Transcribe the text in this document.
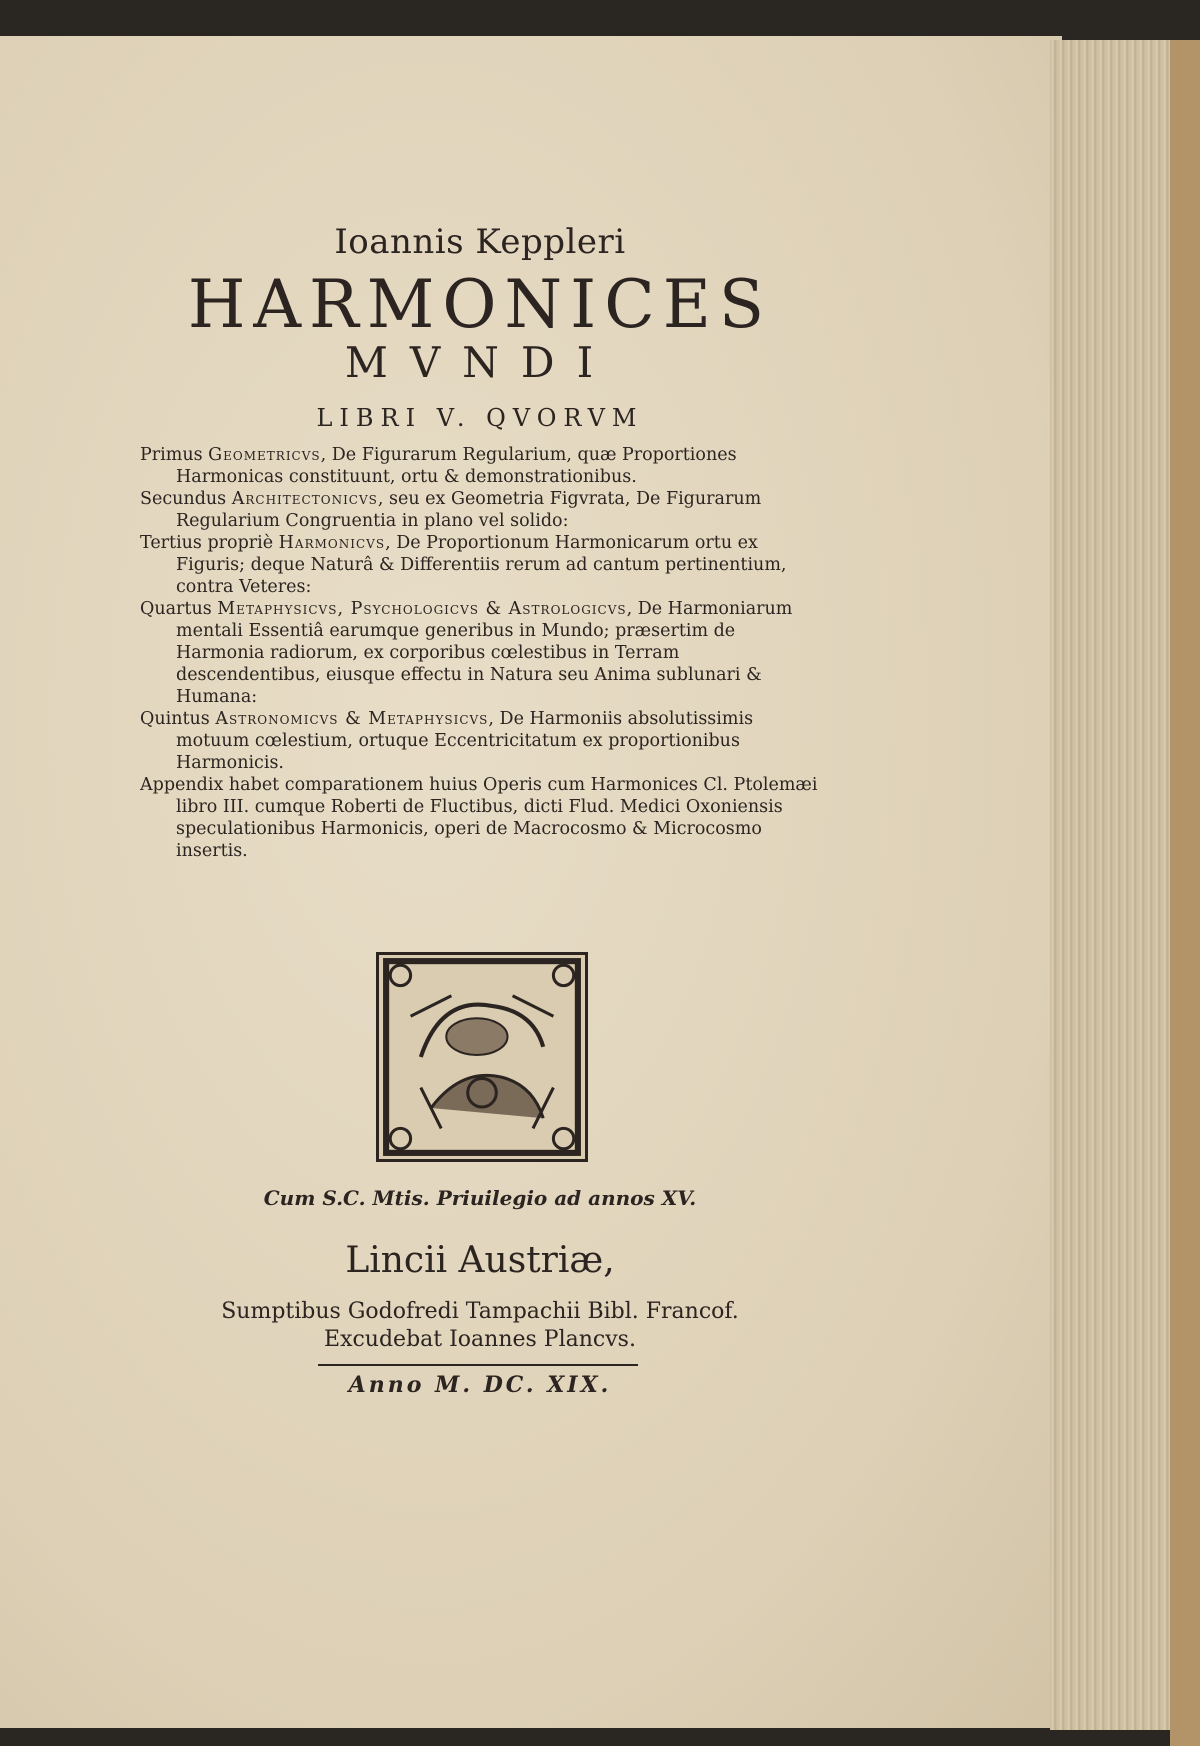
Ioannis Keppleri
HARMONICES
MVNDI
LIBRI V. QVORVM

Primus Geometricvs, De Figurarum Regularium, quæ Proportiones Harmonicas constituunt, ortu & demonstrationibus.

Secundus Architectonicvs, seu ex Geometria Figvrata, De Figurarum Regularium Congruentia in plano vel solido:

Tertius propriè Harmonicvs, De Proportionum Harmonicarum ortu ex Figuris; deque Naturâ & Differentiis rerum ad cantum pertinentium, contra Veteres:

Quartus Metaphysicvs, Psychologicvs & Astrologicvs, De Harmoniarum mentali Essentiâ earumque generibus in Mundo; præsertim de Harmonia radiorum, ex corporibus cœlestibus in Terram descendentibus, eiusque effectu in Natura seu Anima sublunari & Humana:

Quintus Astronomicvs & Metaphysicvs, De Harmoniis absolutissimis motuum cœlestium, ortuque Eccentricitatum ex proportionibus Harmonicis.

Appendix habet comparationem huius Operis cum Harmonices Cl. Ptolemæi libro III. cumque Roberti de Fluctibus, dicti Flud. Medici Oxoniensis speculationibus Harmonicis, operi de Macrocosmo & Microcosmo insertis.

Cum S.C. Mtis. Priuilegio ad annos XV.
Lincii Austriæ,
Sumptibus Godofredi Tampachii Bibl. Francof.
Excudebat Ioannes Plancvs.
Anno M. DC. XIX.
